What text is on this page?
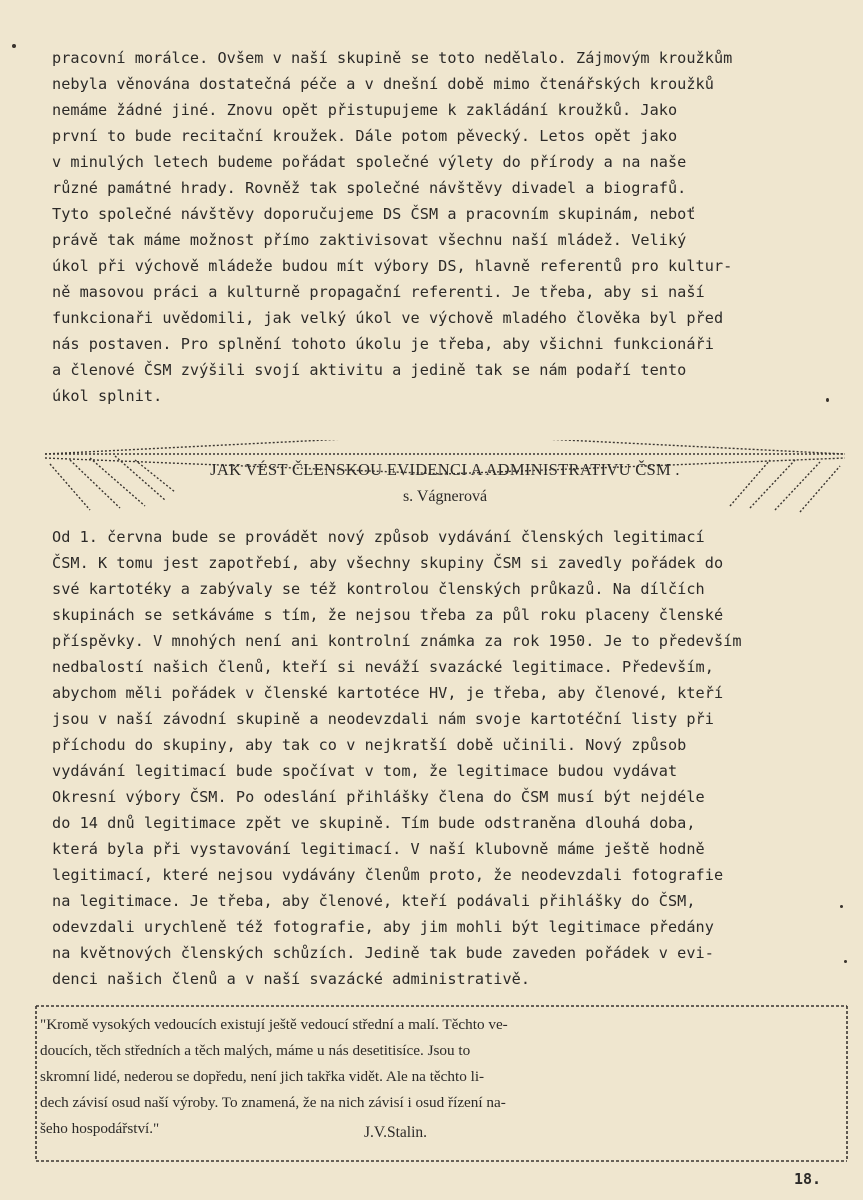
pracovní morálce. Ovšem v naší skupině se toto nedělalo. Zájmovým kroužkům
nebyla věnována dostatečná péče a v dnešní době mimo čtenářských kroužků
nemáme žádné jiné. Znovu opět přistupujeme k zakládání kroužků. Jako
první to bude recitační kroužek. Dále potom pěvecký. Letos opět jako
v minulých letech budeme pořádat společné výlety do přírody a na naše
různé památné hrady. Rovněž tak společné návštěvy divadel a biografů.
Tyto společné návštěvy doporučujeme DS ČSM a pracovním skupinám, neboť
právě tak máme možnost přímo zaktivisovat všechnu naší mládež. Veliký
úkol při výchově mládeže budou mít výbory DS, hlavně referentů pro kultur-
ně masovou práci a kulturně propagační referenti. Je třeba, aby si naší
funkcionaři uvědomili, jak velký úkol ve výchově mladého člověka byl před
nás postaven. Pro splnění tohoto úkolu je třeba, aby všichni funkcionáři
a členové ČSM zvýšili svojí aktivitu a jedině tak se nám podaří tento
úkol splnit.
JAK VÉST ČLENSKOU EVIDENCI A ADMINISTRATIVU ČSM .
s. Vágnerová
Od 1. června bude se provádět nový způsob vydávání členských legitimací
ČSM. K tomu jest zapotřebí, aby všechny skupiny ČSM si zavedly pořádek do
své kartotéky a zabývaly se též kontrolou členských průkazů. Na dílčích
skupinách se setkáváme s tím, že nejsou třeba za půl roku placeny členské
příspěvky. V mnohých není ani kontrolní známka za rok 1950. Je to především
nedbalostí našich členů, kteří si neváží svazácké legitimace. Především,
abychom měli pořádek v členské kartotéce HV, je třeba, aby členové, kteří
jsou v naší závodní skupině a neodevzdali nám svoje kartotéční listy při
příchodu do skupiny, aby tak co v nejkratší době učinili. Nový způsob
vydávání legitimací bude spočívat v tom, že legitimace budou vydávat
Okresní výbory ČSM. Po odeslání přihlášky člena do ČSM musí být nejdéle
do 14 dnů legitimace zpět ve skupině. Tím bude odstraněna dlouhá doba,
která byla při vystavování legitimací. V naší klubovně máme ještě hodně
legitimací, které nejsou vydávány členům proto, že neodevzdali fotografie
na legitimace. Je třeba, aby členové, kteří podávali přihlášky do ČSM,
odevzdali urychleně též fotografie, aby jim mohli být legitimace předány
na květnových členských schůzích. Jedině tak bude zaveden pořádek v evi-
denci našich členů a v naší svazácké administrativě.
"Kromě vysokých vedoucích existují ještě vedoucí střední a malí. Těchto ve-
doucích, těch středních a těch malých, máme u nás desetitisíce. Jsou to
skromní lidé, nederou se dopředu, není jich takřka vidět. Ale na těchto li-
dech závisí osud naší výroby. To znamená, že na nich závisí i osud řízení na-
šeho hospodářství."	J.V.Stalin.
18.
